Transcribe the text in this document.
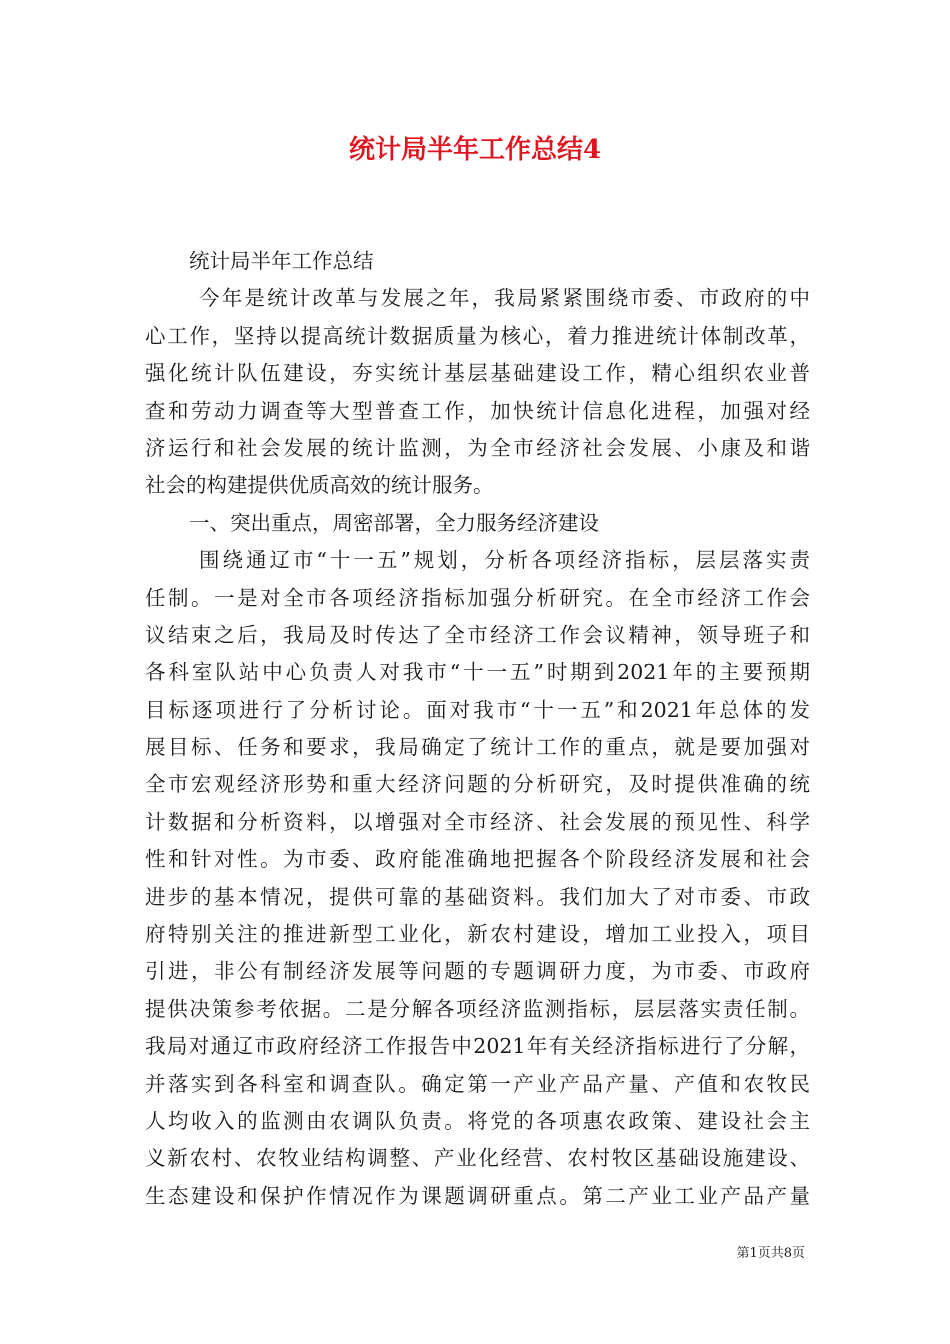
统计局半年工作总结4
统计局半年工作总结
今年是统计改革与发展之年，我局紧紧围绕市委、市政府的中
心工作，坚持以提高统计数据质量为核心，着力推进统计体制改革，
强化统计队伍建设，夯实统计基层基础建设工作，精心组织农业普
查和劳动力调查等大型普查工作，加快统计信息化进程，加强对经
济运行和社会发展的统计监测，为全市经济社会发展、小康及和谐
社会的构建提供优质高效的统计服务。
一、突出重点，周密部署，全力服务经济建设
围绕通辽市“十一五”规划，分析各项经济指标，层层落实责
任制。一是对全市各项经济指标加强分析研究。在全市经济工作会
议结束之后，我局及时传达了全市经济工作会议精神，领导班子和
各科室队站中心负责人对我市“十一五”时期到2021年的主要预期
目标逐项进行了分析讨论。面对我市“十一五”和2021年总体的发
展目标、任务和要求，我局确定了统计工作的重点，就是要加强对
全市宏观经济形势和重大经济问题的分析研究，及时提供准确的统
计数据和分析资料，以增强对全市经济、社会发展的预见性、科学
性和针对性。为市委、政府能准确地把握各个阶段经济发展和社会
进步的基本情况，提供可靠的基础资料。我们加大了对市委、市政
府特别关注的推进新型工业化，新农村建设，增加工业投入，项目
引进，非公有制经济发展等问题的专题调研力度，为市委、市政府
提供决策参考依据。二是分解各项经济监测指标，层层落实责任制。
我局对通辽市政府经济工作报告中2021年有关经济指标进行了分解，
并落实到各科室和调查队。确定第一产业产品产量、产值和农牧民
人均收入的监测由农调队负责。将党的各项惠农政策、建设社会主
义新农村、农牧业结构调整、产业化经营、农村牧区基础设施建设、
生态建设和保护作情况作为课题调研重点。第二产业工业产品产量
第1页共8页
